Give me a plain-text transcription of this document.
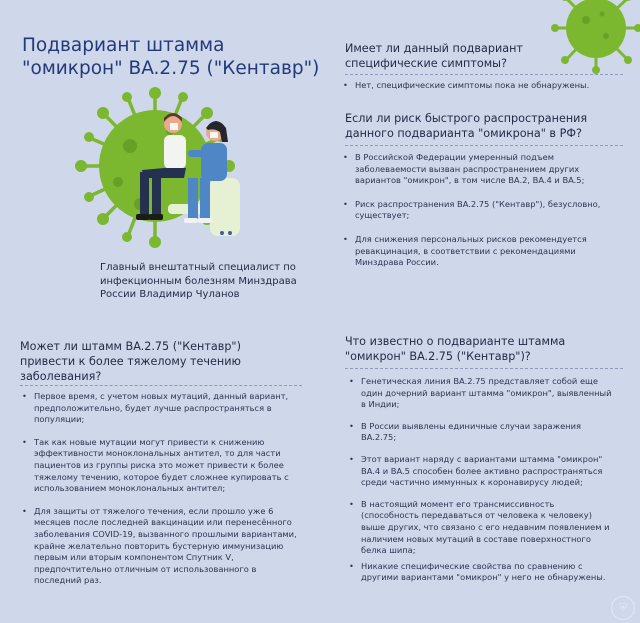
Подвариант штамма "омикрон" BA.2.75 ("Кентавр")
Главный внештатный специалист по инфекционным болезням Минздрава России Владимир Чуланов
Имеет ли данный подвариант специфические симптомы?
• Нет, специфические симптомы пока не обнаружены.
Если ли риск быстрого распространения данного подварианта "омикрона" в РФ?
• В Российской Федерации умеренный подъем заболеваемости вызван распространением других вариантов "омикрон", в том числе BA.2, BA.4 и BA.5;
• Риск распространения BA.2.75 ("Кентавр"), безусловно, существует;
• Для снижения персональных рисков рекомендуется ревакцинация, в соответствии с рекомендациями Минздрава России.
Может ли штамм BA.2.75 ("Кентавр") привести к более тяжелому течению заболевания?
• Первое время, с учетом новых мутаций, данный вариант, предположительно, будет лучше распространяться в популяции;
• Так как новые мутации могут привести к снижению эффективности моноклональных антител, то для части пациентов из группы риска это может привести к более тяжелому течению, которое будет сложнее купировать с использованием моноклональных антител;
• Для защиты от тяжелого течения, если прошло уже 6 месяцев после последней вакцинации или перенесённого заболевания COVID-19, вызванного прошлыми вариантами, крайне желательно повторить бустерную иммунизацию первым или вторым компонентом Спутник V, предпочтительно отличным от использованного в последний раз.
Что известно о подварианте штамма "омикрон" BA.2.75 ("Кентавр")?
• Генетическая линия BA.2.75 представляет собой еще один дочерний вариант штамма "омикрон", выявленный в Индии;
• В России выявлены единичные случаи заражения BA.2.75;
• Этот вариант наряду с вариантами штамма "омикрон" BA.4 и BA.5 способен более активно распространяться среди частично иммунных к коронавирусу людей;
• В настоящий момент его трансмиссивность (способность передаваться от человека к человеку) выше других, что связано с его недавним появлением и наличием новых мутаций в составе поверхностного белка шипа;
• Никакие специфические свойства по сравнению с другими вариантами "омикрон" у него не обнаружены.
⛨
